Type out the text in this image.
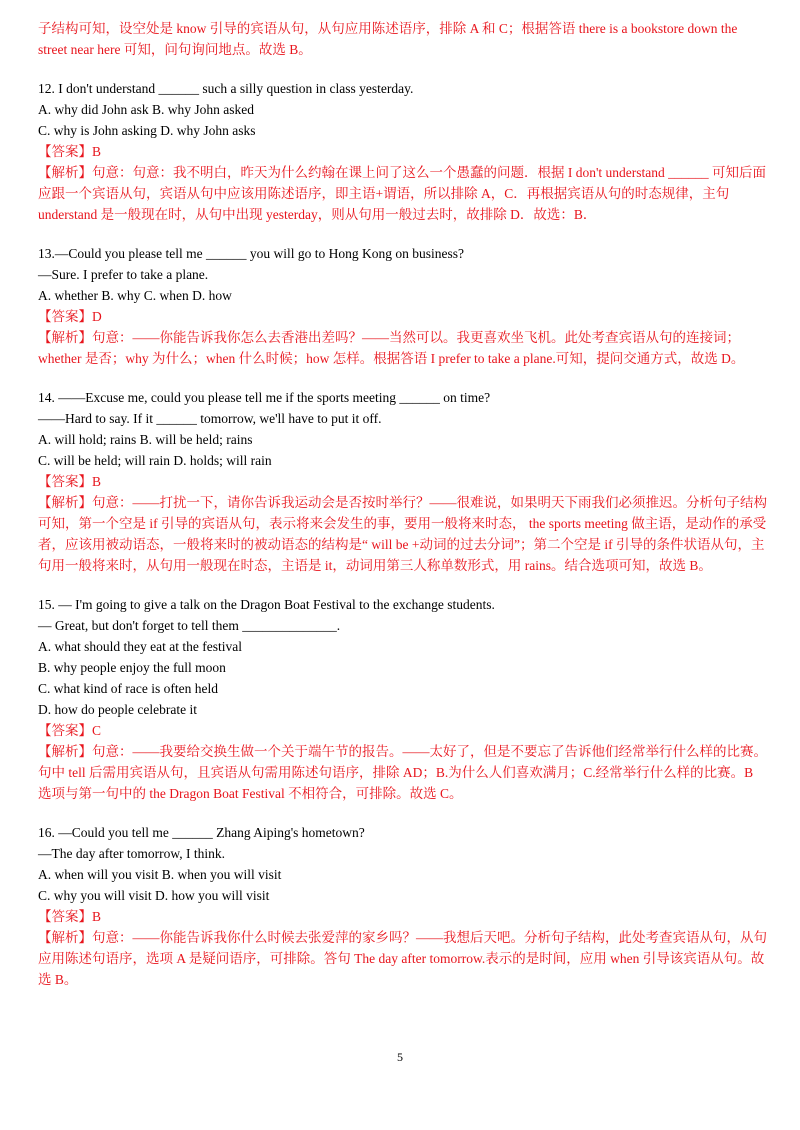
子结构可知，设空处是 know 引导的宾语从句，从句应用陈述语序，排除 A 和 C；根据答语 there is a bookstore down the street near here 可知，问句询问地点。故选 B。
12. I don't understand ______ such a silly question in class yesterday.
A. why did John ask B. why John asked
C. why is John asking D. why John asks
【答案】B
【解析】句意：句意：我不明白，昨天为什么约翰在课上问了这么一个愚蠢的问题．根据 I don't understand ______ 可知后面应跟一个宾语从句，宾语从句中应该用陈述语序，即主语+谓语，所以排除 A，C．再根据宾语从句的时态规律，主句 understand 是一般现在时，从句中出现 yesterday，则从句用一般过去时，故排除 D．故选：B．
13.—Could you please tell me ______ you will go to Hong Kong on business?
—Sure. I prefer to take a plane.
A. whether B. why C. when D. how
【答案】D
【解析】句意：——你能告诉我你怎么去香港出差吗？——当然可以。我更喜欢坐飞机。此处考查宾语从句的连接词；whether 是否；why 为什么；when 什么时候；how 怎样。根据答语 I prefer to take a plane.可知，提问交通方式，故选 D。
14. ——Excuse me, could you please tell me if the sports meeting ______ on time?
——Hard to say. If it ______ tomorrow, we'll have to put it off.
A. will hold; rains B. will be held; rains
C. will be held; will rain D. holds; will rain
【答案】B
【解析】句意：——打扰一下，请你告诉我运动会是否按时举行？——很难说，如果明天下雨我们必须推迟。分析句子结构可知，第一个空是 if 引导的宾语从句，表示将来会发生的事，要用一般将来时态， the sports meeting 做主语，是动作的承受者，应该用被动语态，一般将来时的被动语态的结构是“ will be +动词的过去分词”；第二个空是 if 引导的条件状语从句，主句用一般将来时，从句用一般现在时态，主语是 it，动词用第三人称单数形式，用 rains。结合选项可知，故选 B。
15. — I'm going to give a talk on the Dragon Boat Festival to the exchange students.
— Great, but don't forget to tell them ______________.
A. what should they eat at the festival
B. why people enjoy the full moon
C. what kind of race is often held
D. how do people celebrate it
【答案】C
【解析】句意：——我要给交换生做一个关于端午节的报告。——太好了，但是不要忘了告诉他们经常举行什么样的比赛。句中 tell 后需用宾语从句，且宾语从句需用陈述句语序，排除 AD；B.为什么人们喜欢满月；C.经常举行什么样的比赛。B 选项与第一句中的 the Dragon Boat Festival 不相符合，可排除。故选 C。
16. —Could you tell me ______ Zhang Aiping's hometown?
—The day after tomorrow, I think.
A. when will you visit B. when you will visit
C. why you will visit D. how you will visit
【答案】B
【解析】句意：——你能告诉我你什么时候去张爱萍的家乡吗？——我想后天吧。分析句子结构，此处考查宾语从句，从句应用陈述句语序，选项 A 是疑问语序，可排除。答句 The day after tomorrow.表示的是时间，应用 when 引导该宾语从句。故选 B。
5
